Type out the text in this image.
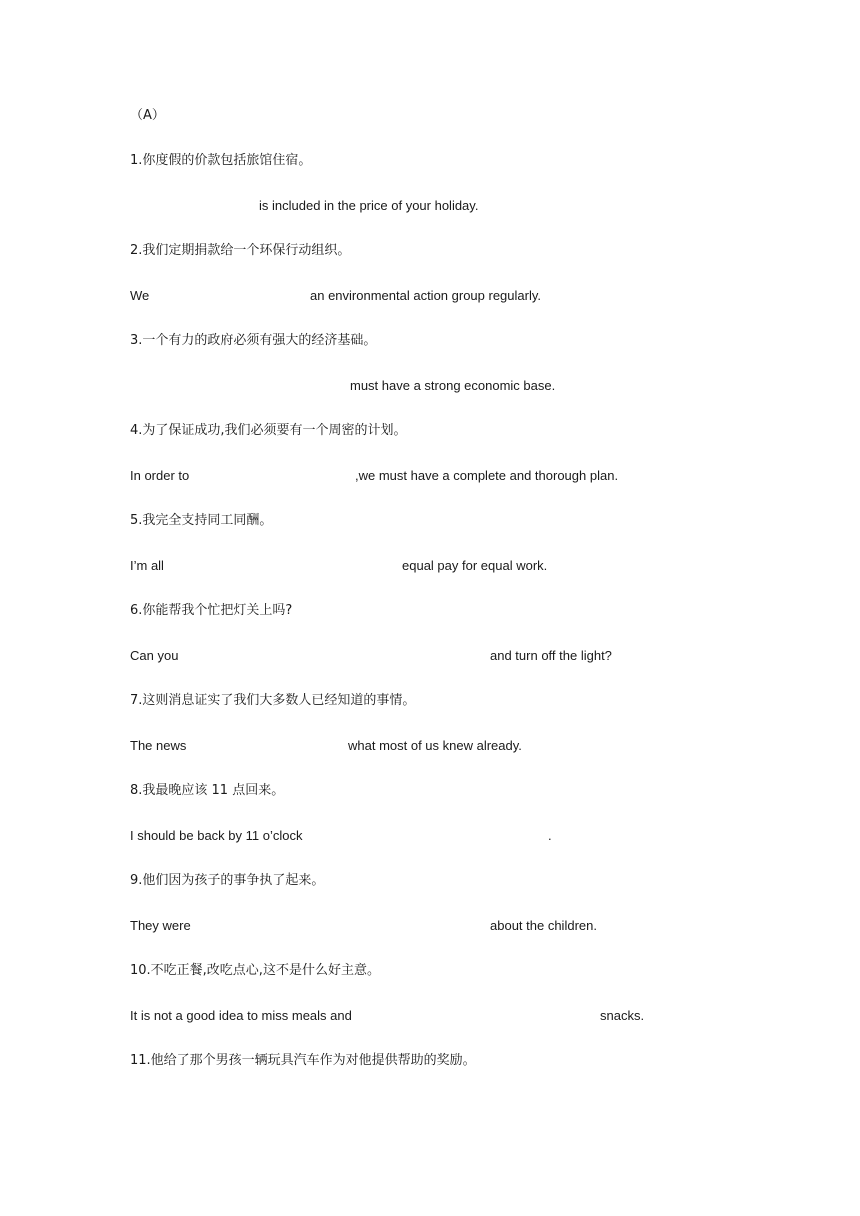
（A）
1.你度假的价款包括旅馆住宿。
is included in the price of your holiday.
2.我们定期捐款给一个环保行动组织。
We	an environmental action group regularly.
3.一个有力的政府必须有强大的经济基础。
must have a strong economic base.
4.为了保证成功,我们必须要有一个周密的计划。
In order to	,we must have a complete and thorough plan.
5.我完全支持同工同酬。
I’m all	equal pay for equal work.
6.你能帮我个忙把灯关上吗?
Can you	and turn off the light?
7.这则消息证实了我们大多数人已经知道的事情。
The news	what most of us knew already.
8.我最晚应该 11 点回来。
I should be back by 11 o’clock	.
9.他们因为孩子的事争执了起来。
They were	about the children.
10.不吃正餐,改吃点心,这不是什么好主意。
It is not a good idea to miss meals and	snacks.
11.他给了那个男孩一辆玩具汽车作为对他提供帮助的奖励。
